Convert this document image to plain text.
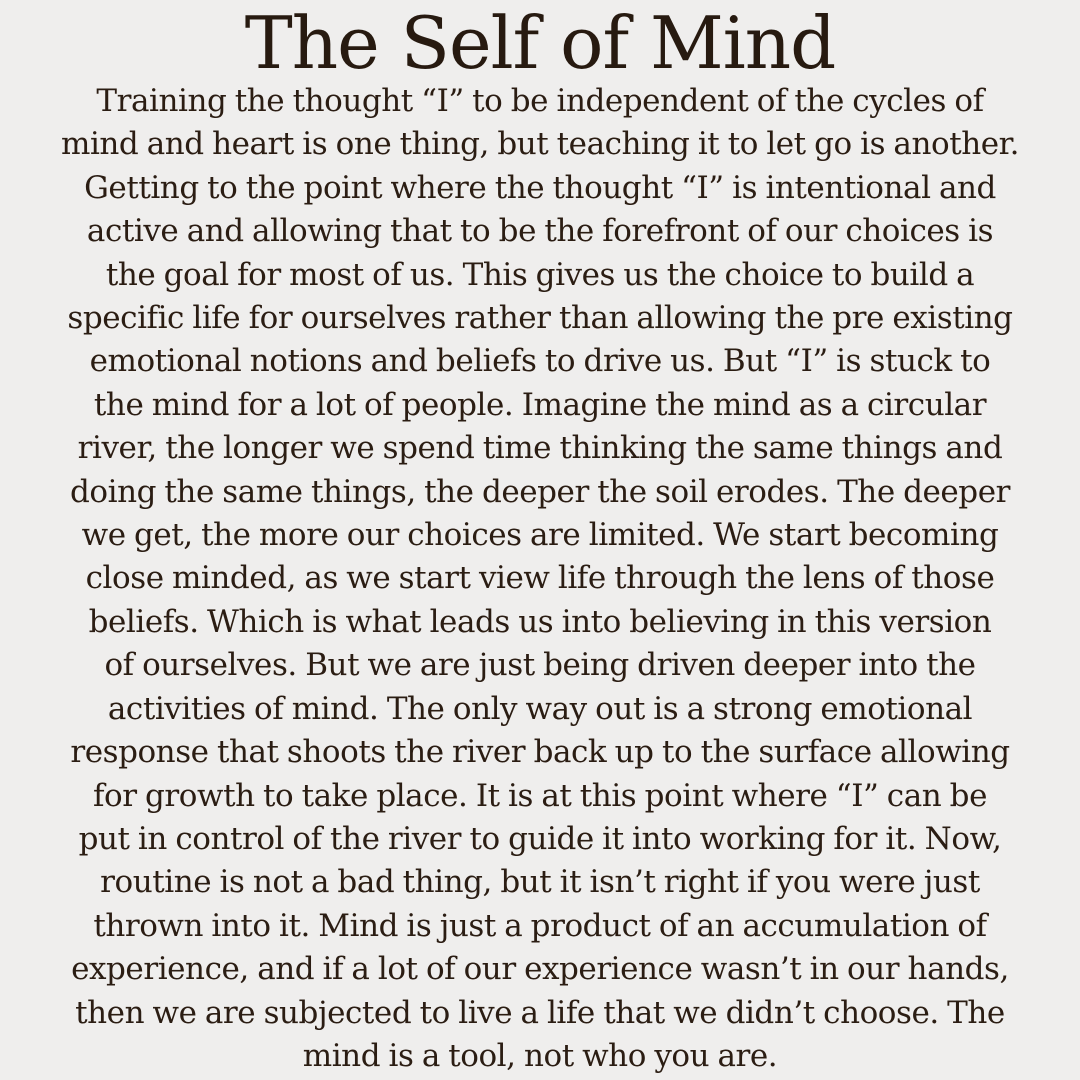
The Self of Mind
Training the thought “I” to be independent of the cycles of
mind and heart is one thing, but teaching it to let go is another.
Getting to the point where the thought “I” is intentional and
active and allowing that to be the forefront of our choices is
the goal for most of us. This gives us the choice to build a
specific life for ourselves rather than allowing the pre existing
emotional notions and beliefs to drive us. But “I” is stuck to
the mind for a lot of people. Imagine the mind as a circular
river, the longer we spend time thinking the same things and
doing the same things, the deeper the soil erodes. The deeper
we get, the more our choices are limited. We start becoming
close minded, as we start view life through the lens of those
beliefs. Which is what leads us into believing in this version
of ourselves. But we are just being driven deeper into the
activities of mind. The only way out is a strong emotional
response that shoots the river back up to the surface allowing
for growth to take place. It is at this point where “I” can be
put in control of the river to guide it into working for it. Now,
routine is not a bad thing, but it isn’t right if you were just
thrown into it. Mind is just a product of an accumulation of
experience, and if a lot of our experience wasn’t in our hands,
then we are subjected to live a life that we didn’t choose. The
mind is a tool, not who you are.
